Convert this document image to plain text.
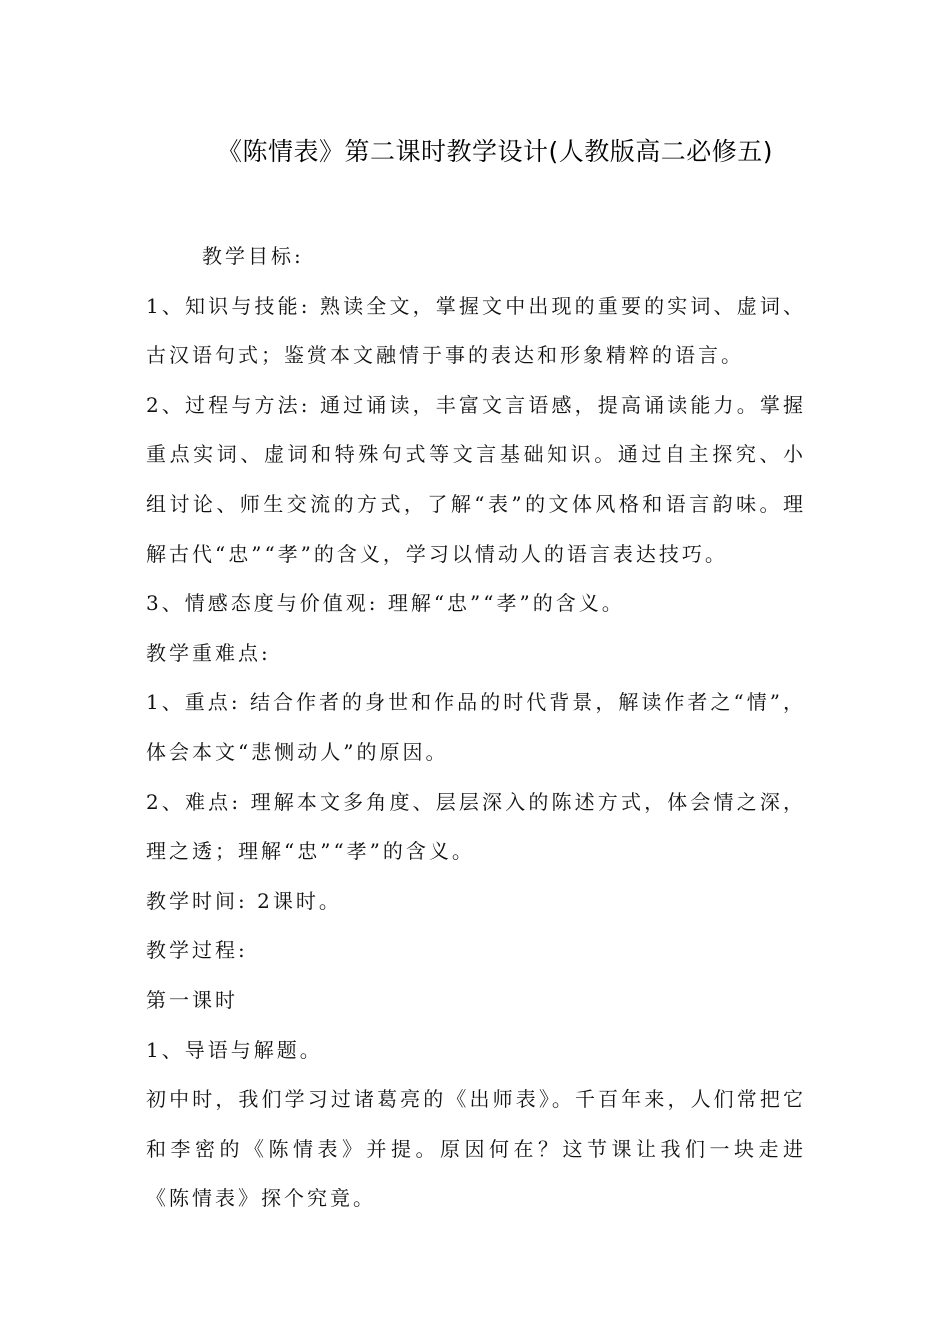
《陈情表》第二课时教学设计(人教版高二必修五)

教学目标:

1、知识与技能: 熟读全文，掌握文中出现的重要的实词、虚词、古汉语句式；鉴赏本文融情于事的表达和形象精粹的语言。

2、过程与方法: 通过诵读，丰富文言语感，提高诵读能力。掌握重点实词、虚词和特殊句式等文言基础知识。通过自主探究、小组讨论、师生交流的方式，了解“表”的文体风格和语言韵味。理解古代“忠”“孝”的含义，学习以情动人的语言表达技巧。

3、情感态度与价值观: 理解“忠”“孝”的含义。

教学重难点:

1、重点: 结合作者的身世和作品的时代背景，解读作者之“情”，体会本文“悲恻动人”的原因。

2、难点: 理解本文多角度、层层深入的陈述方式，体会情之深，理之透；理解“忠”“孝”的含义。

教学时间: 2课时。

教学过程:

第一课时

1、导语与解题。

初中时，我们学习过诸葛亮的《出师表》。千百年来，人们常把它和李密的《陈情表》并提。原因何在？这节课让我们一块走进《陈情表》探个究竟。
